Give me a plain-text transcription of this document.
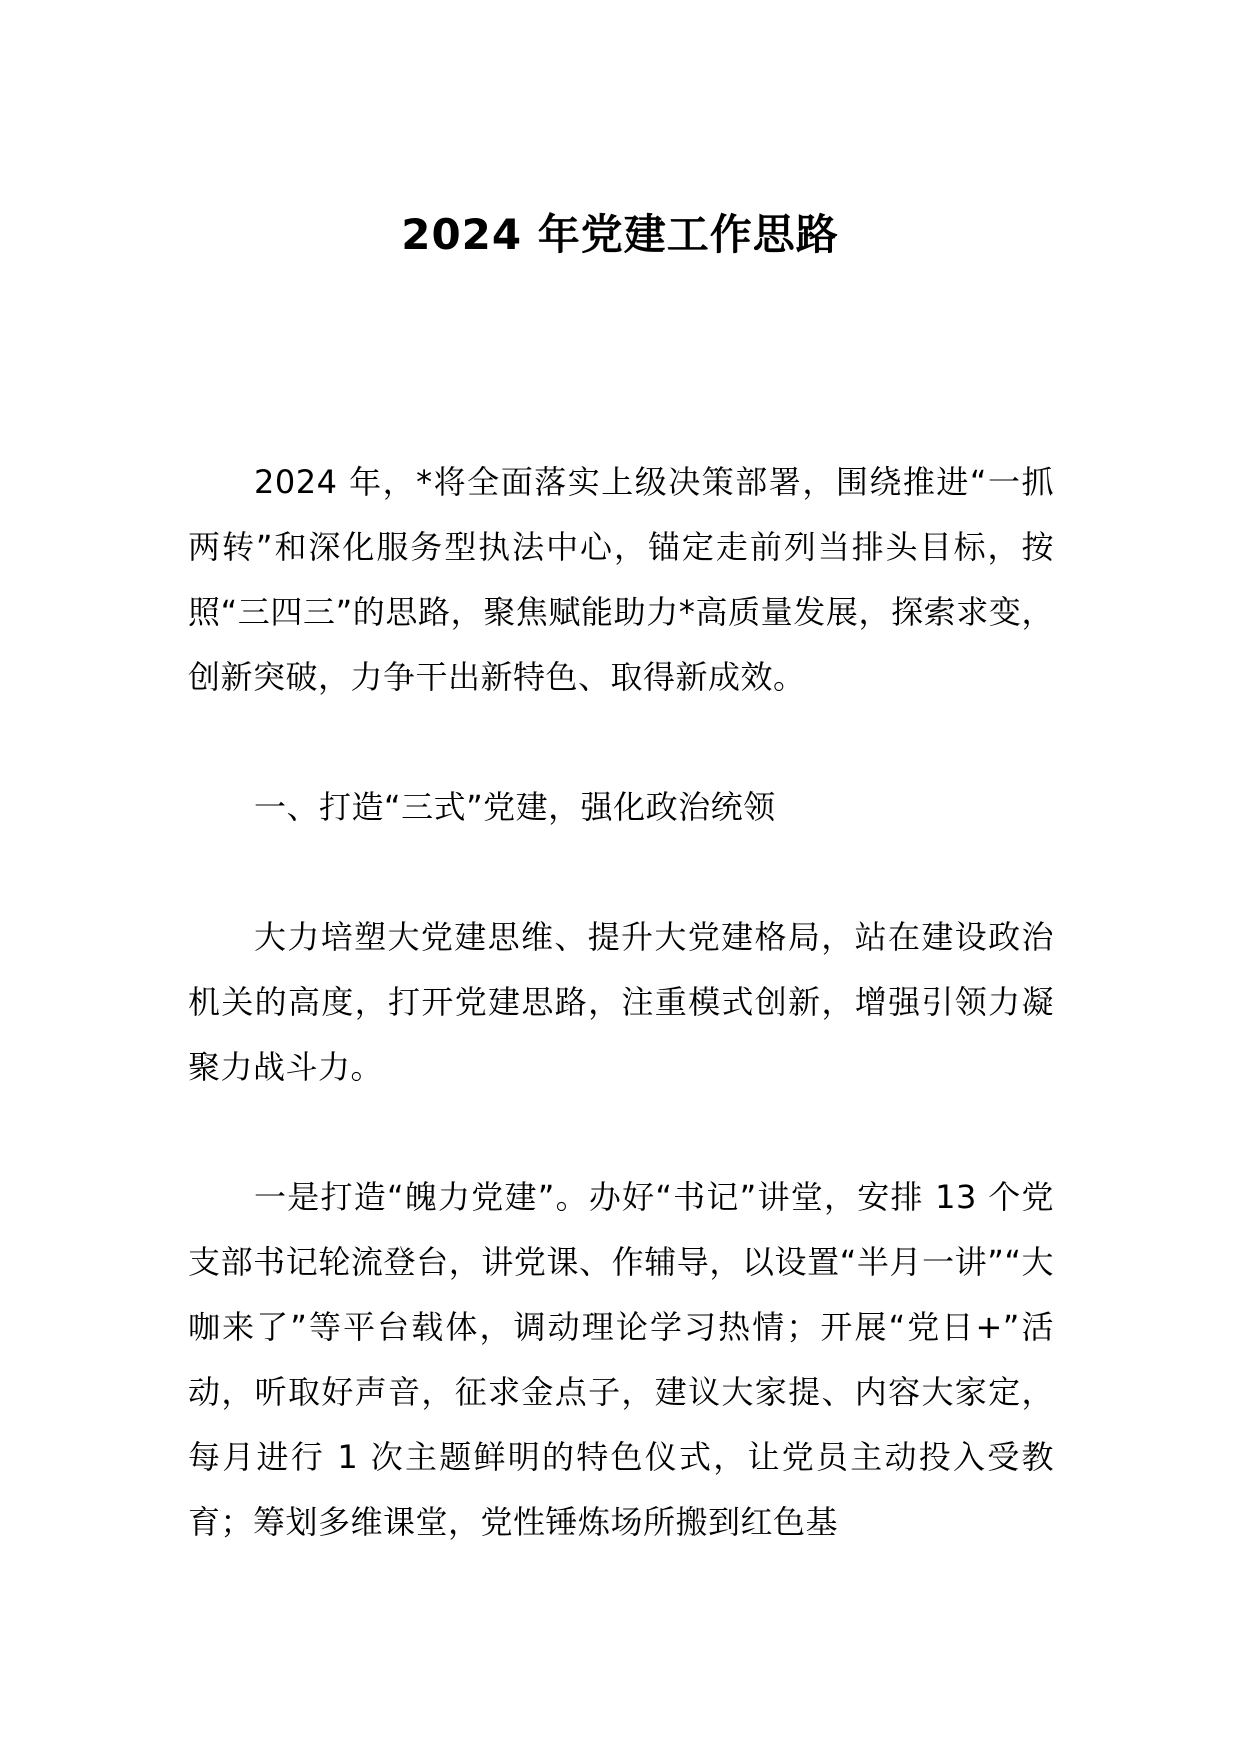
2024 年党建工作思路

2024 年，*将全面落实上级决策部署，围绕推进“一抓两转”和深化服务型执法中心，锚定走前列当排头目标，按照“三四三”的思路，聚焦赋能助力*高质量发展，探索求变，创新突破，力争干出新特色、取得新成效。

一、打造“三式”党建，强化政治统领

大力培塑大党建思维、提升大党建格局，站在建设政治机关的高度，打开党建思路，注重模式创新，增强引领力凝聚力战斗力。

一是打造“魄力党建”。办好“书记”讲堂，安排 13 个党支部书记轮流登台，讲党课、作辅导，以设置“半月一讲”“大咖来了”等平台载体，调动理论学习热情；开展“党日+”活动，听取好声音，征求金点子，建议大家提、内容大家定，每月进行 1 次主题鲜明的特色仪式，让党员主动投入受教育；筹划多维课堂，党性锤炼场所搬到红色基
